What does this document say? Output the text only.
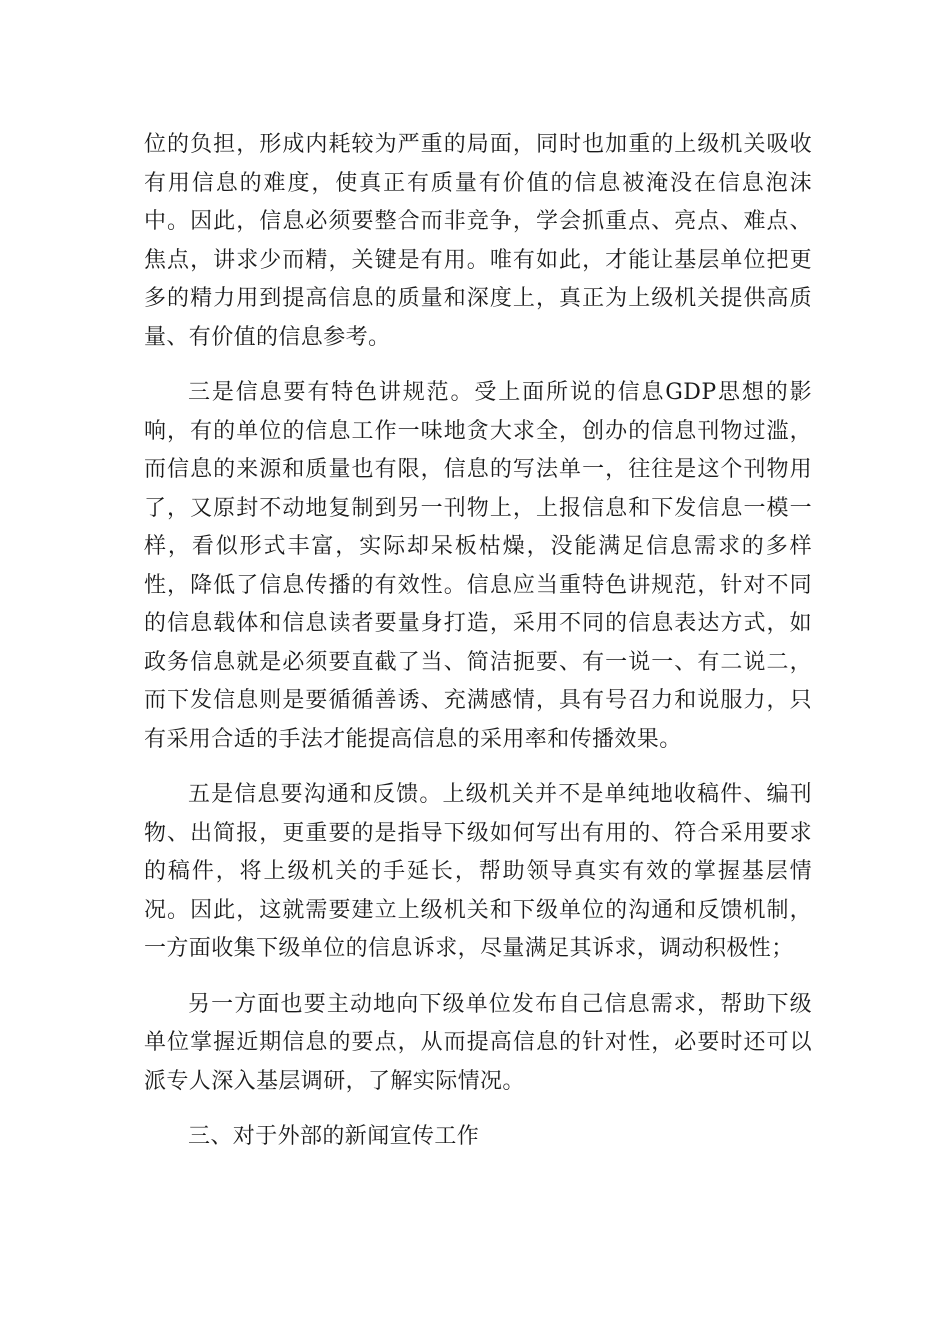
位的负担，形成内耗较为严重的局面，同时也加重的上级机关吸收有用信息的难度，使真正有质量有价值的信息被淹没在信息泡沫中。因此，信息必须要整合而非竞争，学会抓重点、亮点、难点、焦点，讲求少而精，关键是有用。唯有如此，才能让基层单位把更多的精力用到提高信息的质量和深度上，真正为上级机关提供高质量、有价值的信息参考。

三是信息要有特色讲规范。受上面所说的信息GDP思想的影响，有的单位的信息工作一味地贪大求全，创办的信息刊物过滥，而信息的来源和质量也有限，信息的写法单一，往往是这个刊物用了，又原封不动地复制到另一刊物上，上报信息和下发信息一模一样，看似形式丰富，实际却呆板枯燥，没能满足信息需求的多样性，降低了信息传播的有效性。信息应当重特色讲规范，针对不同的信息载体和信息读者要量身打造，采用不同的信息表达方式，如政务信息就是必须要直截了当、简洁扼要、有一说一、有二说二，而下发信息则是要循循善诱、充满感情，具有号召力和说服力，只有采用合适的手法才能提高信息的采用率和传播效果。

五是信息要沟通和反馈。上级机关并不是单纯地收稿件、编刊物、出简报，更重要的是指导下级如何写出有用的、符合采用要求的稿件，将上级机关的手延长，帮助领导真实有效的掌握基层情况。因此，这就需要建立上级机关和下级单位的沟通和反馈机制，一方面收集下级单位的信息诉求，尽量满足其诉求，调动积极性；

另一方面也要主动地向下级单位发布自己信息需求，帮助下级单位掌握近期信息的要点，从而提高信息的针对性，必要时还可以派专人深入基层调研，了解实际情况。

三、对于外部的新闻宣传工作
